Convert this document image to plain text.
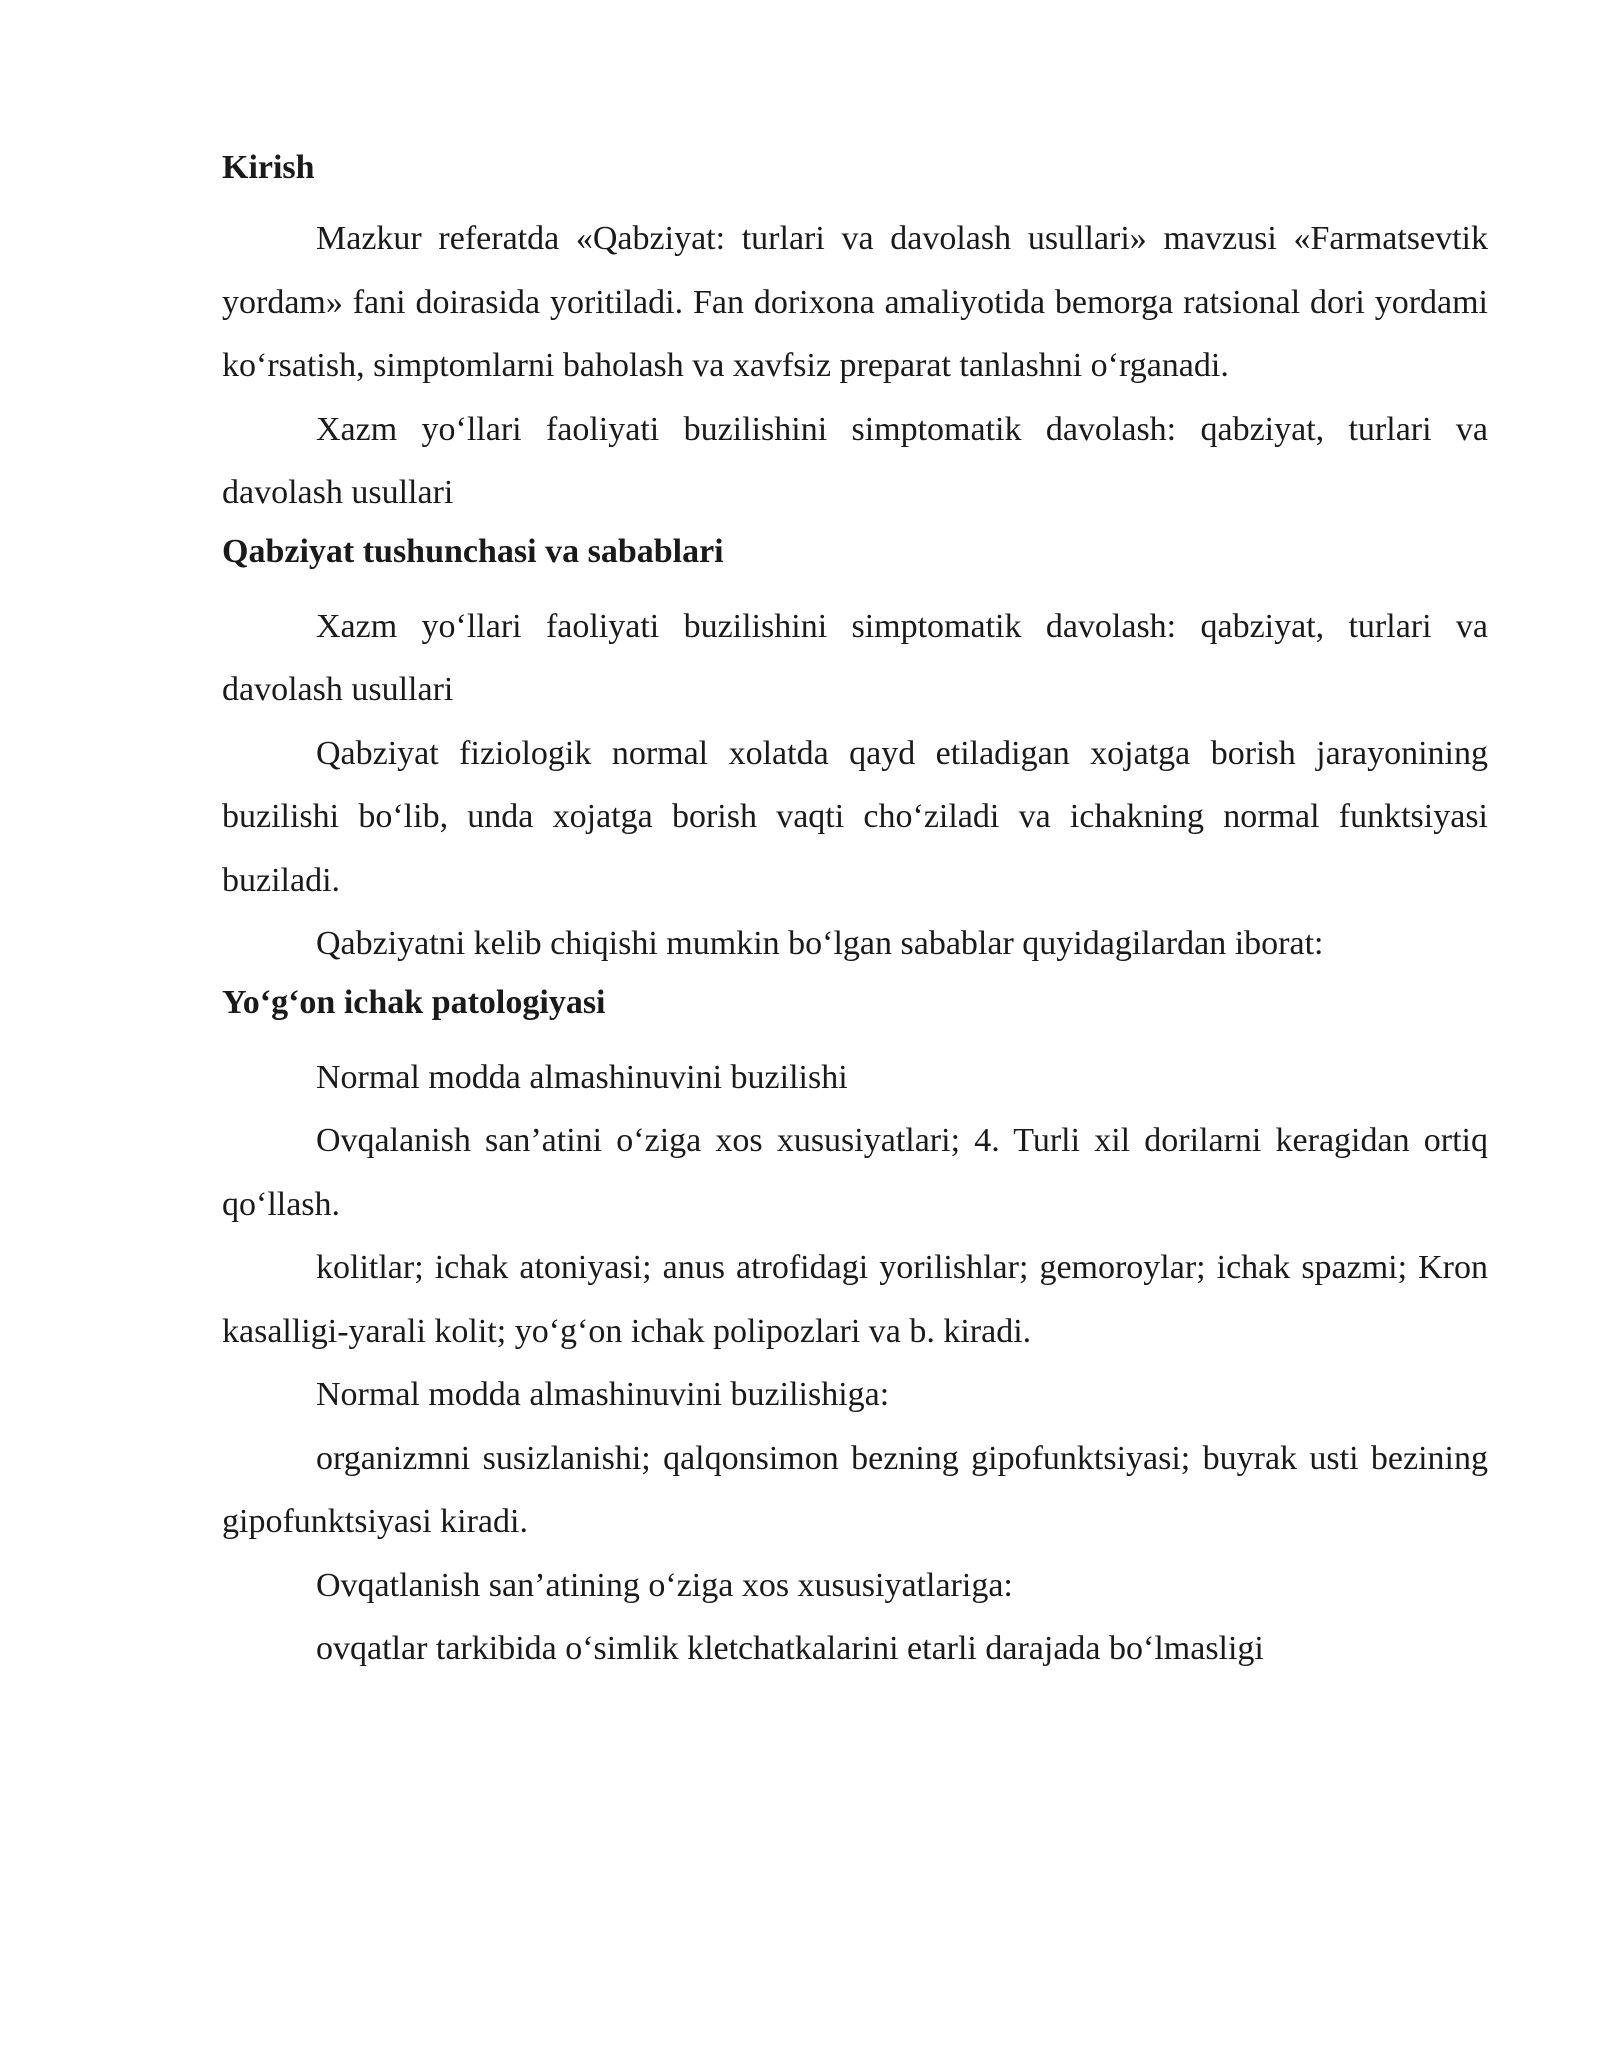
Kirish

Mazkur referatda «Qabziyat: turlari va davolash usullari» mavzusi «Farmatsevtik yordam» fani doirasida yoritiladi. Fan dorixona amaliyotida bemorga ratsional dori yordami ko‘rsatish, simptomlarni baholash va xavfsiz preparat tanlashni o‘rganadi.

Xazm yo‘llari faoliyati buzilishini simptomatik davolash: qabziyat, turlari va davolash usullari

Qabziyat tushunchasi va sabablari

Xazm yo‘llari faoliyati buzilishini simptomatik davolash: qabziyat, turlari va davolash usullari

Qabziyat fiziologik normal xolatda qayd etiladigan xojatga borish jarayonining buzilishi bo‘lib, unda xojatga borish vaqti cho‘ziladi va ichakning normal funktsiyasi buziladi.

Qabziyatni kelib chiqishi mumkin bo‘lgan sabablar quyidagilardan iborat:

Yo‘g‘on ichak patologiyasi

Normal modda almashinuvini buzilishi

Ovqalanish san’atini o‘ziga xos xususiyatlari; 4. Turli xil dorilarni keragidan ortiq qo‘llash.

kolitlar; ichak atoniyasi; anus atrofidagi yorilishlar; gemoroylar; ichak spazmi; Kron kasalligi-yarali kolit; yo‘g‘on ichak polipozlari va b. kiradi.

Normal modda almashinuvini buzilishiga:

organizmni susizlanishi; qalqonsimon bezning gipofunktsiyasi; buyrak usti bezining gipofunktsiyasi kiradi.

Ovqatlanish san’atining o‘ziga xos xususiyatlariga:

ovqatlar tarkibida o‘simlik kletchatkalarini etarli darajada bo‘lmasligi
